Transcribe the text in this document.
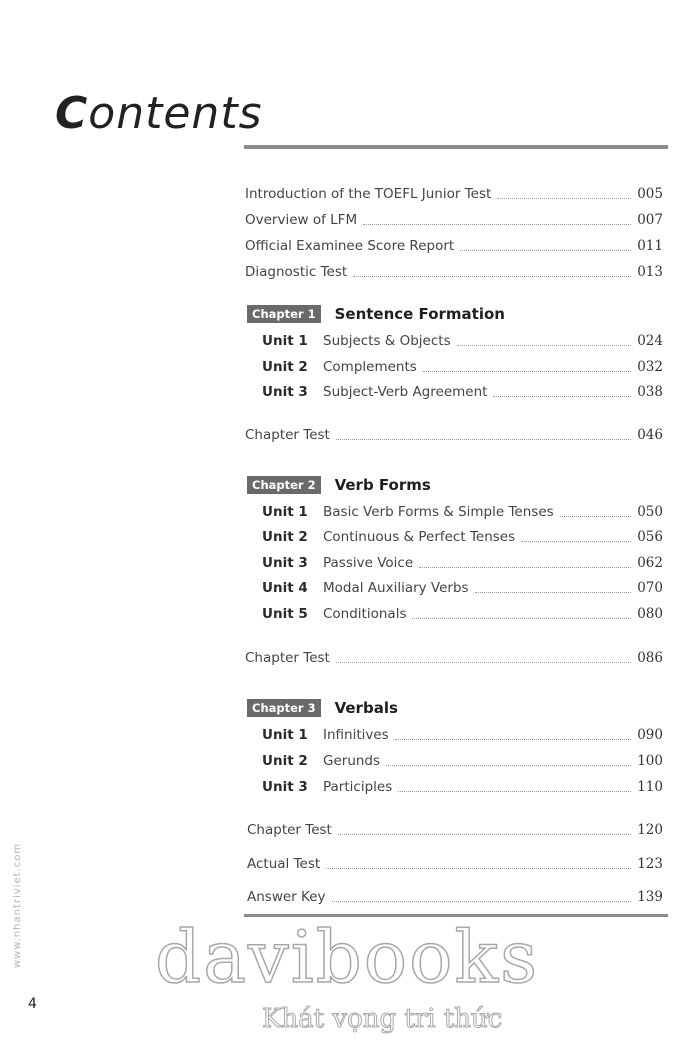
Contents
Introduction of the TOEFL Junior Test	005
Overview of LFM	007
Official Examinee Score Report	011
Diagnostic Test	013
Chapter 1	Sentence Formation
Unit 1	Subjects & Objects	024
Unit 2	Complements	032
Unit 3	Subject-Verb Agreement	038
Chapter Test	046
Chapter 2	Verb Forms
Unit 1	Basic Verb Forms & Simple Tenses	050
Unit 2	Continuous & Perfect Tenses	056
Unit 3	Passive Voice	062
Unit 4	Modal Auxiliary Verbs	070
Unit 5	Conditionals	080
Chapter Test	086
Chapter 3	Verbals
Unit 1	Infinitives	090
Unit 2	Gerunds	100
Unit 3	Participles	110
Chapter Test	120
Actual Test	123
Answer Key	139
www.nhantriviet.com
4
davibooks
Khát vọng tri thức
